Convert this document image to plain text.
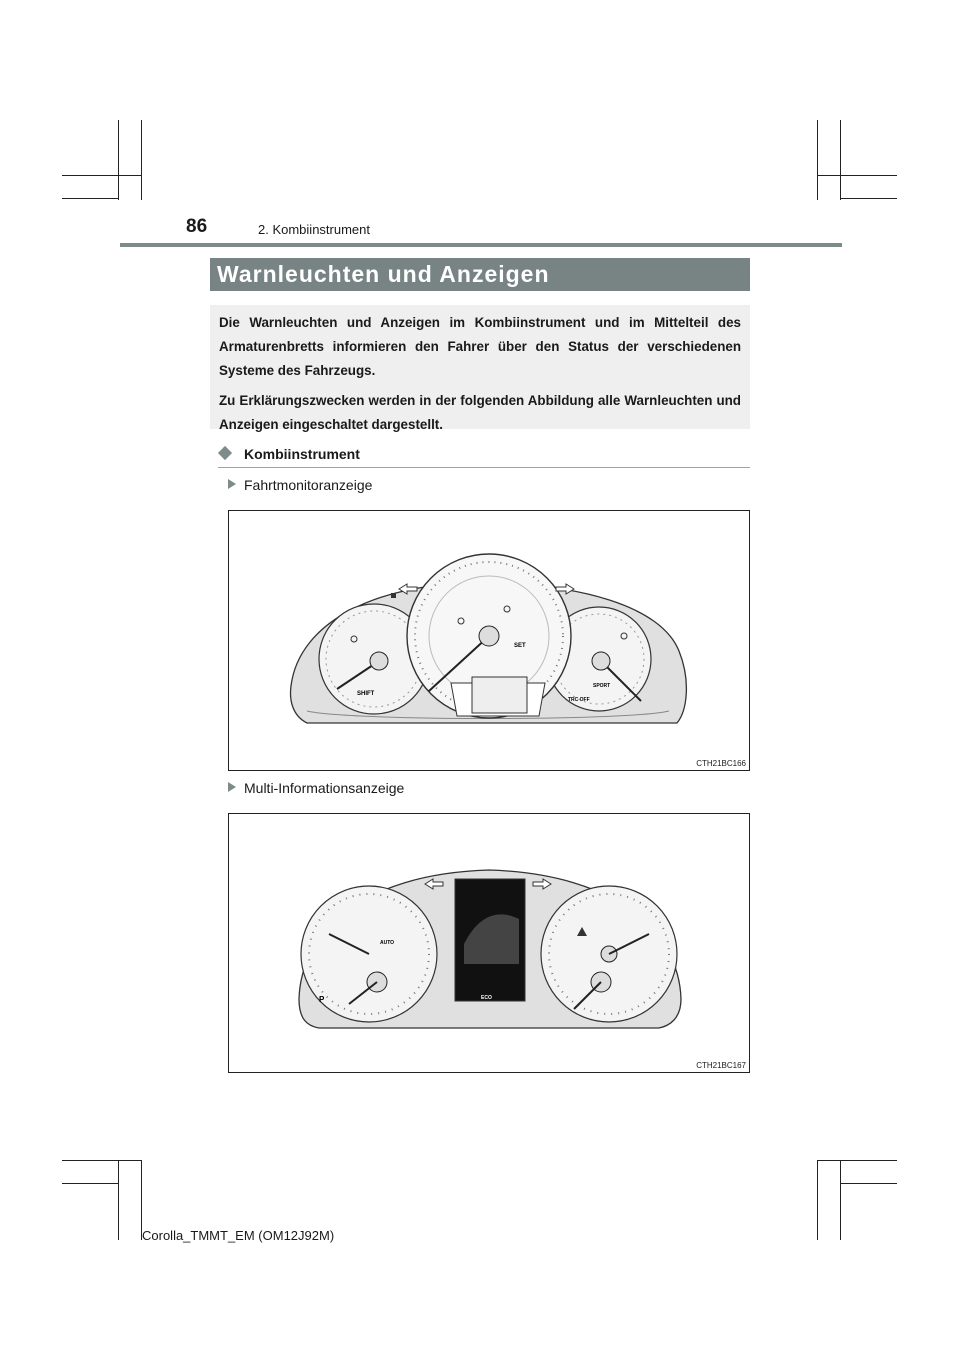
86	2. Kombiinstrument
Warnleuchten und Anzeigen

Die Warnleuchten und Anzeigen im Kombiinstrument und im Mittelteil des Armaturenbretts informieren den Fahrer über den Status der verschiedenen Systeme des Fahrzeugs.

Zu Erklärungszwecken werden in der folgenden Abbildung alle Warnleuchten und Anzeigen eingeschaltet dargestellt.

Kombiinstrument
Fahrtmonitoranzeige
SHIFT
SET
SPORT
TRC OFF
CTH21BC166
Multi-Informationsanzeige
AUTO
ECO
P
CTH21BC167
Corolla_TMMT_EM (OM12J92M)
